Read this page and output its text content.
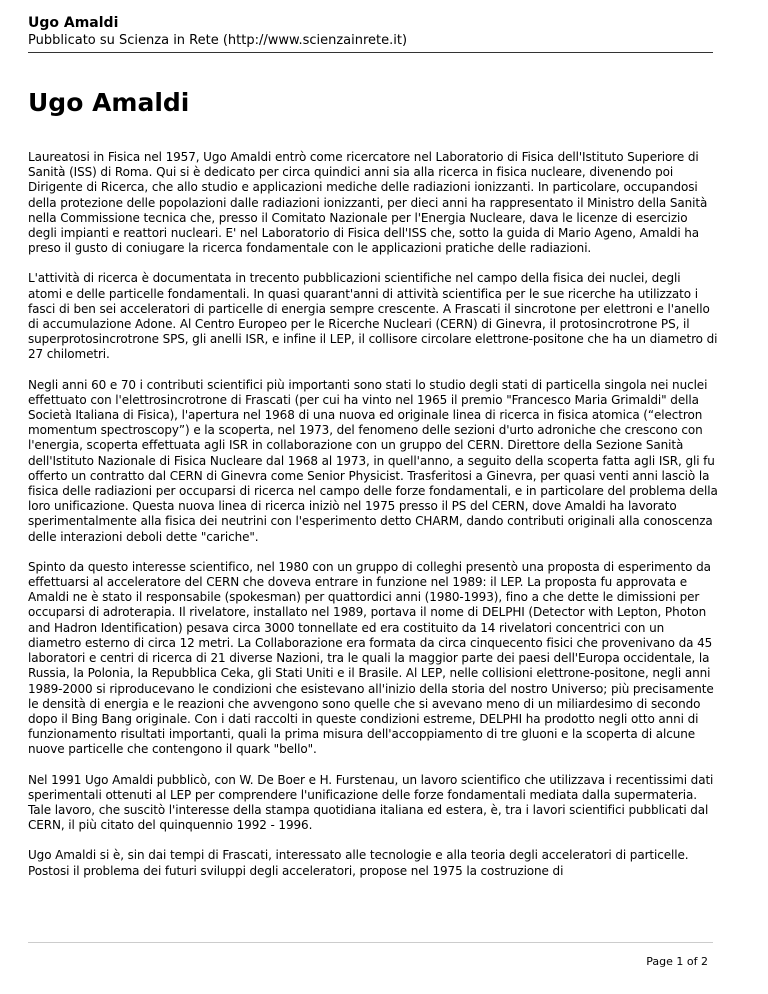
Ugo Amaldi
Pubblicato su Scienza in Rete (http://www.scienzainrete.it)
Ugo Amaldi

Laureatosi in Fisica nel 1957, Ugo Amaldi entrò come ricercatore nel Laboratorio di Fisica dell'Istituto Superiore di Sanità (ISS) di Roma. Qui si è dedicato per circa quindici anni sia alla ricerca in fisica nucleare, divenendo poi Dirigente di Ricerca, che allo studio e applicazioni mediche delle radiazioni ionizzanti. In particolare, occupandosi della protezione delle popolazioni dalle radiazioni ionizzanti, per dieci anni ha rappresentato il Ministro della Sanità nella Commissione tecnica che, presso il Comitato Nazionale per l'Energia Nucleare, dava le licenze di esercizio degli impianti e reattori nucleari. E' nel Laboratorio di Fisica dell'ISS che, sotto la guida di Mario Ageno, Amaldi ha preso il gusto di coniugare la ricerca fondamentale con le applicazioni pratiche delle radiazioni.

L'attività di ricerca è documentata in trecento pubblicazioni scientifiche nel campo della fisica dei nuclei, degli atomi e delle particelle fondamentali. In quasi quarant'anni di attività scientifica per le sue ricerche ha utilizzato i fasci di ben sei acceleratori di particelle di energia sempre crescente. A Frascati il sincrotone per elettroni e l'anello di accumulazione Adone. Al Centro Europeo per le Ricerche Nucleari (CERN) di Ginevra, il protosincrotrone PS, il superprotosincrotrone SPS, gli anelli ISR, e infine il LEP, il collisore circolare elettrone-positone che ha un diametro di 27 chilometri.

Negli anni 60 e 70 i contributi scientifici più importanti sono stati lo studio degli stati di particella singola nei nuclei effettuato con l'elettrosincrotrone di Frascati (per cui ha vinto nel 1965 il premio "Francesco Maria Grimaldi" della Società Italiana di Fisica), l'apertura nel 1968 di una nuova ed originale linea di ricerca in fisica atomica (“electron momentum spectroscopy”) e la scoperta, nel 1973, del fenomeno delle sezioni d'urto adroniche che crescono con l'energia, scoperta effettuata agli ISR in collaborazione con un gruppo del CERN. Direttore della Sezione Sanità dell'Istituto Nazionale di Fisica Nucleare dal 1968 al 1973, in quell'anno, a seguito della scoperta fatta agli ISR, gli fu offerto un contratto dal CERN di Ginevra come Senior Physicist. Trasferitosi a Ginevra, per quasi venti anni lasciò la fisica delle radiazioni per occuparsi di ricerca nel campo delle forze fondamentali, e in particolare del problema della loro unificazione. Questa nuova linea di ricerca iniziò nel 1975 presso il PS del CERN, dove Amaldi ha lavorato sperimentalmente alla fisica dei neutrini con l'esperimento detto CHARM, dando contributi originali alla conoscenza delle interazioni deboli dette "cariche".

Spinto da questo interesse scientifico, nel 1980 con un gruppo di colleghi presentò una proposta di esperimento da effettuarsi al acceleratore del CERN che doveva entrare in funzione nel 1989: il LEP. La proposta fu approvata e Amaldi ne è stato il responsabile (spokesman) per quattordici anni (1980-1993), fino a che dette le dimissioni per occuparsi di adroterapia. Il rivelatore, installato nel 1989, portava il nome di DELPHI (Detector with Lepton, Photon and Hadron Identification) pesava circa 3000 tonnellate ed era costituito da 14 rivelatori concentrici con un diametro esterno di circa 12 metri. La Collaborazione era formata da circa cinquecento fisici che provenivano da 45 laboratori e centri di ricerca di 21 diverse Nazioni, tra le quali la maggior parte dei paesi dell'Europa occidentale, la Russia, la Polonia, la Repubblica Ceka, gli Stati Uniti e il Brasile. Al LEP, nelle collisioni elettrone-positone, negli anni 1989-2000 si riproducevano le condizioni che esistevano all'inizio della storia del nostro Universo; più precisamente le densità di energia e le reazioni che avvengono sono quelle che si avevano meno di un miliardesimo di secondo dopo il Bing Bang originale. Con i dati raccolti in queste condizioni estreme, DELPHI ha prodotto negli otto anni di funzionamento risultati importanti, quali la prima misura dell'accoppiamento di tre gluoni e la scoperta di alcune nuove particelle che contengono il quark "bello".

Nel 1991 Ugo Amaldi pubblicò, con W. De Boer e H. Furstenau, un lavoro scientifico che utilizzava i recentissimi dati sperimentali ottenuti al LEP per comprendere l'unificazione delle forze fondamentali mediata dalla supermateria. Tale lavoro, che suscitò l'interesse della stampa quotidiana italiana ed estera, è, tra i lavori scientifici pubblicati dal CERN, il più citato del quinquennio 1992 - 1996.

Ugo Amaldi si è, sin dai tempi di Frascati, interessato alle tecnologie e alla teoria degli acceleratori di particelle. Postosi il problema dei futuri sviluppi degli acceleratori, propose nel 1975 la costruzione di

Page 1 of 2
